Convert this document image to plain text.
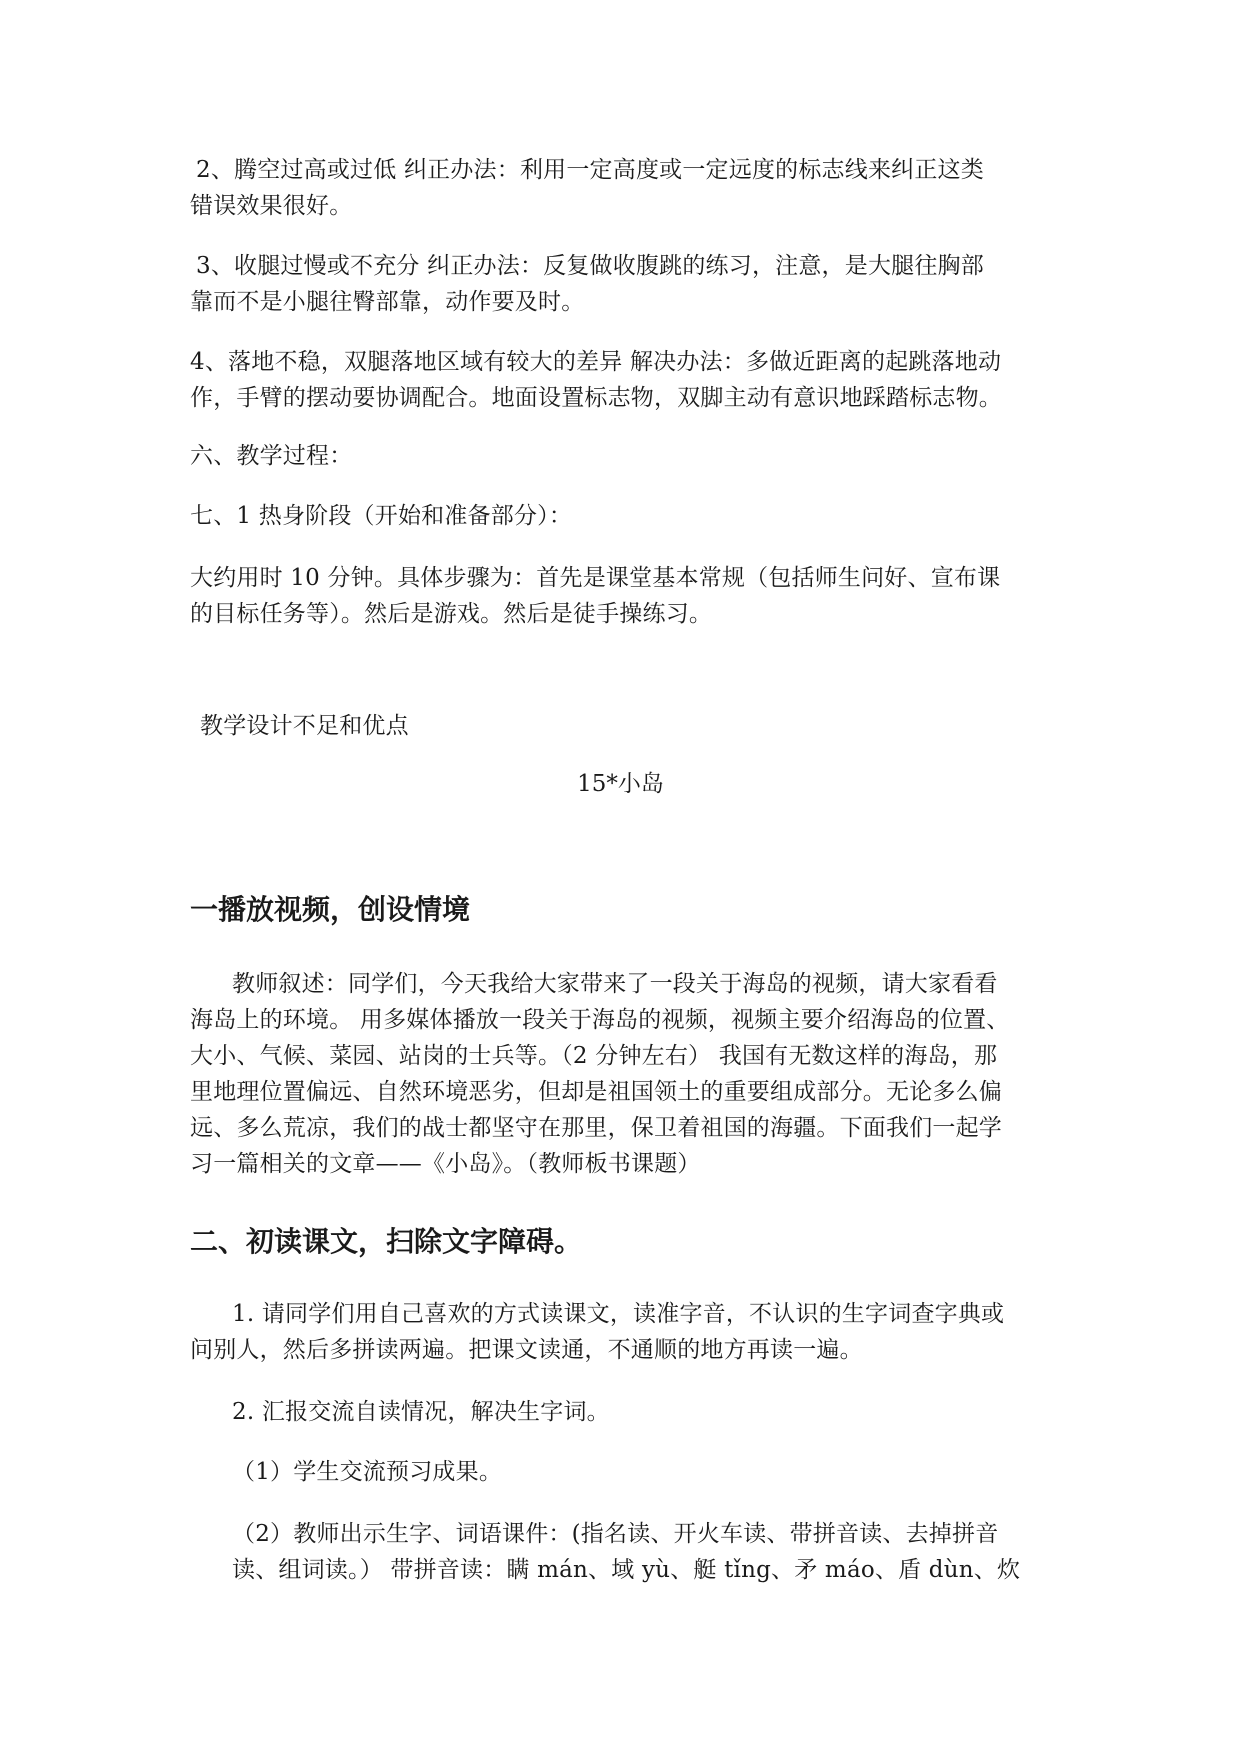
2、腾空过高或过低 纠正办法：利用一定高度或一定远度的标志线来纠正这类
错误效果很好。
3、收腿过慢或不充分 纠正办法：反复做收腹跳的练习，注意，是大腿往胸部
靠而不是小腿往臀部靠，动作要及时。
4、落地不稳，双腿落地区域有较大的差异 解决办法：多做近距离的起跳落地动
作，手臂的摆动要协调配合。地面设置标志物，双脚主动有意识地踩踏标志物。
六、教学过程：
七、1 热身阶段（开始和准备部分）：
大约用时 10 分钟。具体步骤为：首先是课堂基本常规（包括师生问好、宣布课
的目标任务等）。然后是游戏。然后是徒手操练习。
教学设计不足和优点
15*小岛
一播放视频，创设情境
教师叙述：同学们，今天我给大家带来了一段关于海岛的视频，请大家看看
海岛上的环境。 用多媒体播放一段关于海岛的视频，视频主要介绍海岛的位置、
大小、气候、菜园、站岗的士兵等。（2 分钟左右） 我国有无数这样的海岛，那
里地理位置偏远、自然环境恶劣，但却是祖国领土的重要组成部分。无论多么偏
远、多么荒凉，我们的战士都坚守在那里，保卫着祖国的海疆。下面我们一起学
习一篇相关的文章——《小岛》。（教师板书课题）
二、初读课文，扫除文字障碍。
1. 请同学们用自己喜欢的方式读课文，读准字音，不认识的生字词查字典或
问别人，然后多拼读两遍。把课文读通，不通顺的地方再读一遍。
2. 汇报交流自读情况，解决生字词。
（1）学生交流预习成果。
（2）教师出示生字、词语课件：(指名读、开火车读、带拼音读、去掉拼音
读、组词读。） 带拼音读：瞒 mán、域 yù、艇 tǐng、矛 máo、盾 dùn、炊
